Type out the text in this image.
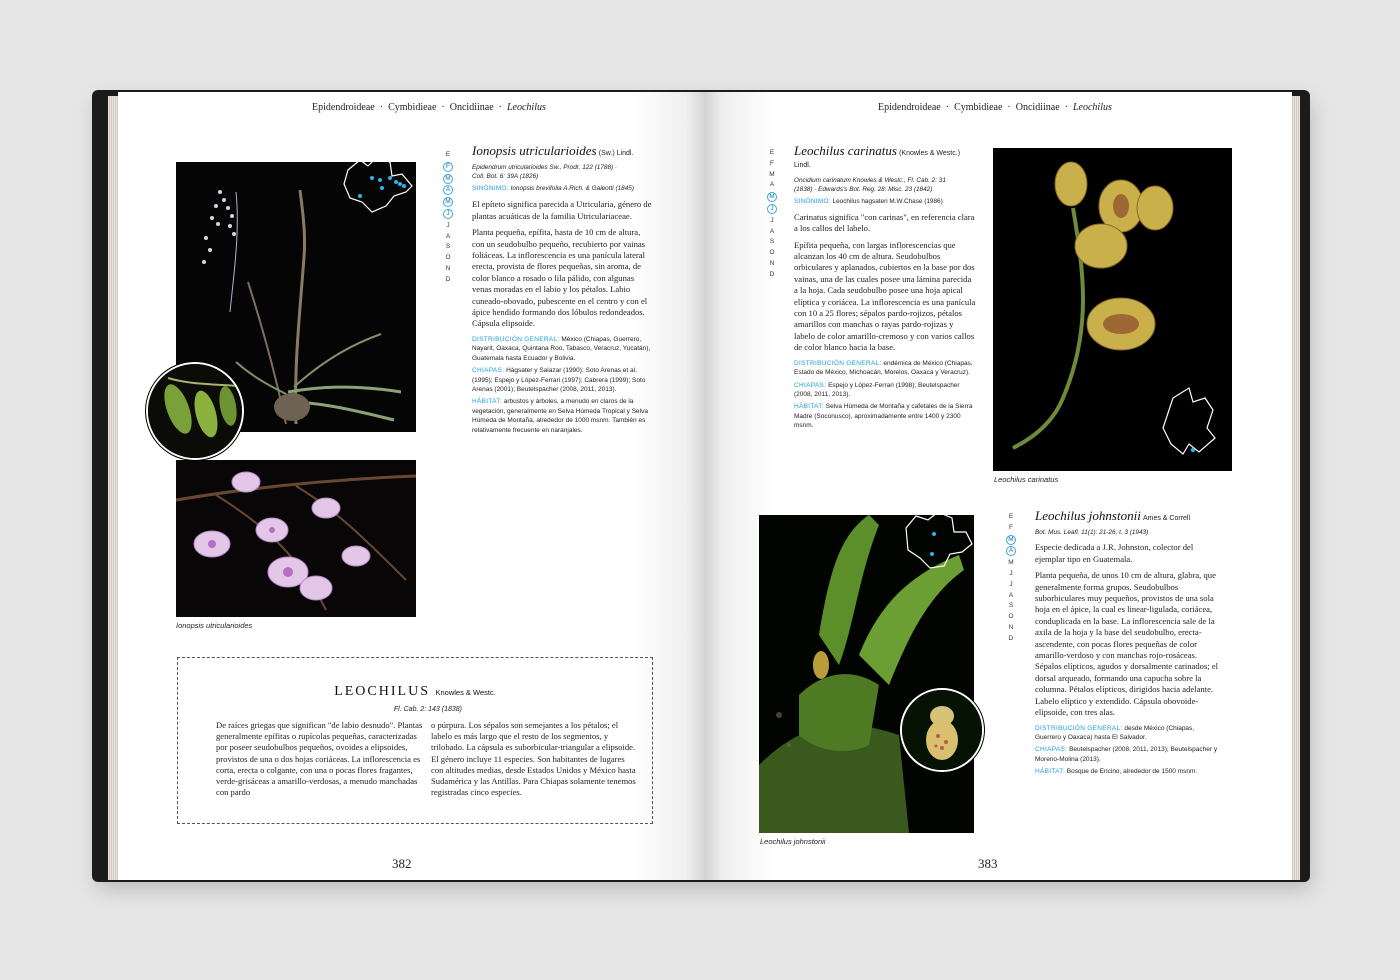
Epidendroideae  ·  Cymbidieae  ·  Oncidiinae  ·  Leochilus
Ionopsis utricularioides
E
F
M
A
M
J
J
A
S
O
N
D
Ionopsis utricularioides (Sw.) Lindl.
Epidendrum utricularioides Sw., Prodr. 122 (1788) ·
Coll. Bot. 6: 39A (1826)
SINÓNIMO: Ionopsis brevifolia A.Rich. & Galeotti (1845)

El epíteto significa parecida a Utricularia, género de plantas acuáticas de la familia Utriculariaceae.

Planta pequeña, epífita, hasta de 10 cm de altura, con un seudobulbo pequeño, recubierto por vainas foliáceas. La inflorescencia es una panícula lateral erecta, provista de flores pequeñas, sin aroma, de color blanco a rosado o lila pálido, con algunas venas moradas en el labio y los pétalos. Labio cuneado-obovado, pubescente en el centro y con el ápice hendido formando dos lóbulos redondeados. Cápsula elipsoide.

DISTRIBUCIÓN GENERAL: México (Chiapas, Guerrero, Nayarit, Oaxaca, Quintana Roo, Tabasco, Veracruz, Yucatán), Guatemala hasta Ecuador y Bolivia.
CHIAPAS: Hágsater y Salazar (1990); Soto Arenas et al. (1995); Espejo y López-Ferrari (1997); Cabrera (1999); Soto Arenas (2001); Beutelspacher (2008, 2011, 2013).
HÁBITAT: arbustos y árboles, a menudo en claros de la vegetación, generalmente en Selva Húmeda Tropical y Selva Húmeda de Montaña, alrededor de 1000 msnm. También es relativamente frecuente en naranjales.
LEOCHILUS Knowles & Westc.
Fl. Cab. 2: 143 (1838)
De raíces griegas que significan "de labio desnudo". Plantas generalmente epífitas o rupícolas pequeñas, caracterizadas por poseer seudobulbos pequeños, ovoides a elipsoides, provistos de una o dos hojas coriáceas. La inflorescencia es corta, erecta o colgante, con una o pocas flores fragantes, verde-grisáceas a amarillo-verdosas, a menudo manchadas con pardo
o púrpura. Los sépalos son semejantes a los pétalos; el labelo es más largo que el resto de los segmentos, y trilobado. La cápsula es suborbicular-triangular a elipsoide. El género incluye 11 especies. Son habitantes de lugares con altitudes medias, desde Estados Unidos y México hasta Sudamérica y las Antillas. Para Chiapas solamente tenemos registradas cinco especies.
382
Epidendroideae  ·  Cymbidieae  ·  Oncidiinae  ·  Leochilus
E
F
M
A
M
J
J
A
S
O
N
D
Leochilus carinatus (Knowles & Westc.) Lindl.
Oncidium carinatum Knowles & Westc., Fl. Cab. 2: 31
(1838) · Edwards's Bot. Reg. 28: Misc. 23 (1842)
SINÓNIMO: Leochilus hagsateri M.W.Chase (1986)

Carinatus significa "con carinas", en referencia clara a los callos del labelo.

Epífita pequeña, con largas inflorescencias que alcanzan los 40 cm de altura. Seudobulbos orbiculares y aplanados, cubiertos en la base por dos vainas, una de las cuales posee una lámina parecida a la hoja. Cada seudobulbo posee una hoja apical elíptica y coriácea. La inflorescencia es una panícula con 10 a 25 flores; sépalos pardo-rojizos, pétalos amarillos con manchas o rayas pardo-rojizas y labelo de color amarillo-cremoso y con varios callos de color blanco hacia la base.

DISTRIBUCIÓN GENERAL: endémica de México (Chiapas, Estado de México, Michoacán, Morelos, Oaxaca y Veracruz).
CHIAPAS: Espejo y López-Ferrari (1998); Beutelspacher (2008, 2011, 2013).
HÁBITAT: Selva Húmeda de Montaña y cafetales de la Sierra Madre (Soconusco), aproximadamente entre 1400 y 2300 msnm.
Leochilus carinatus
Leochilus johnstonii
E
F
M
A
M
J
J
A
S
O
N
D
Leochilus johnstonii Ames & Correll
Bot. Mus. Leafl. 11(1): 21-26, t. 3 (1943)

Especie dedicada a J.R. Johnston, colector del ejemplar tipo en Guatemala.

Planta pequeña, de unos 10 cm de altura, glabra, que generalmente forma grupos. Seudobulbos suborbiculares muy pequeños, provistos de una sola hoja en el ápice, la cual es linear-ligulada, coriácea, conduplicada en la base. La inflorescencia sale de la axila de la hoja y la base del seudobulbo, erecta-ascendente, con pocas flores pequeñas de color amarillo-verdoso y con manchas rojo-rosáceas. Sépalos elípticos, agudos y dorsalmente carinados; el dorsal arqueado, formando una capucha sobre la columna. Pétalos elípticos, dirigidos hacia adelante. Labelo elíptico y extendido. Cápsula obovoide-elipsoide, con tres alas.

DISTRIBUCIÓN GENERAL: desde México (Chiapas, Guerrero y Oaxaca) hasta El Salvador.
CHIAPAS: Beutelspacher (2008, 2011, 2013); Beutelspacher y Moreno-Molina (2013).
HÁBITAT: Bosque de Encino, alrededor de 1500 msnm.
383
